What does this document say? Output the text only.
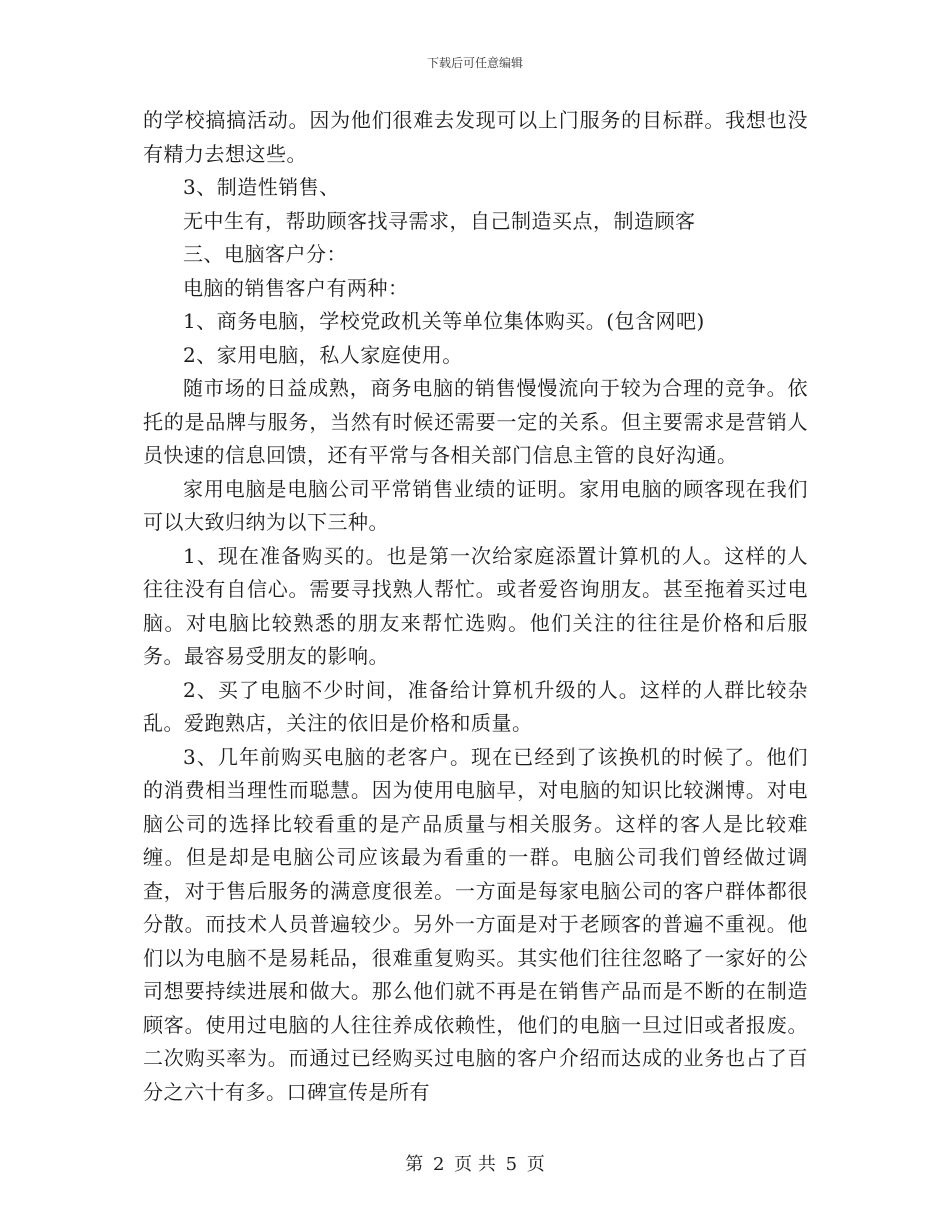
下载后可任意编辑

的学校搞搞活动。因为他们很难去发现可以上门服务的目标群。我想也没有精力去想这些。

3、制造性销售、

无中生有，帮助顾客找寻需求，自己制造买点，制造顾客

三、电脑客户分：

电脑的销售客户有两种：

1、商务电脑，学校党政机关等单位集体购买。(包含网吧)

2、家用电脑，私人家庭使用。

随市场的日益成熟，商务电脑的销售慢慢流向于较为合理的竞争。依托的是品牌与服务，当然有时候还需要一定的关系。但主要需求是营销人员快速的信息回馈，还有平常与各相关部门信息主管的良好沟通。

家用电脑是电脑公司平常销售业绩的证明。家用电脑的顾客现在我们可以大致归纳为以下三种。

1、现在准备购买的。也是第一次给家庭添置计算机的人。这样的人往往没有自信心。需要寻找熟人帮忙。或者爱咨询朋友。甚至拖着买过电脑。对电脑比较熟悉的朋友来帮忙选购。他们关注的往往是价格和后服务。最容易受朋友的影响。

2、买了电脑不少时间，准备给计算机升级的人。这样的人群比较杂乱。爱跑熟店，关注的依旧是价格和质量。

3、几年前购买电脑的老客户。现在已经到了该换机的时候了。他们的消费相当理性而聪慧。因为使用电脑早，对电脑的知识比较渊博。对电脑公司的选择比较看重的是产品质量与相关服务。这样的客人是比较难缠。但是却是电脑公司应该最为看重的一群。电脑公司我们曾经做过调查，对于售后服务的满意度很差。一方面是每家电脑公司的客户群体都很分散。而技术人员普遍较少。另外一方面是对于老顾客的普遍不重视。他们以为电脑不是易耗品，很难重复购买。其实他们往往忽略了一家好的公司想要持续进展和做大。那么他们就不再是在销售产品而是不断的在制造顾客。使用过电脑的人往往养成依赖性，他们的电脑一旦过旧或者报废。二次购买率为。而通过已经购买过电脑的客户介绍而达成的业务也占了百分之六十有多。口碑宣传是所有

第 2 页 共 5 页
